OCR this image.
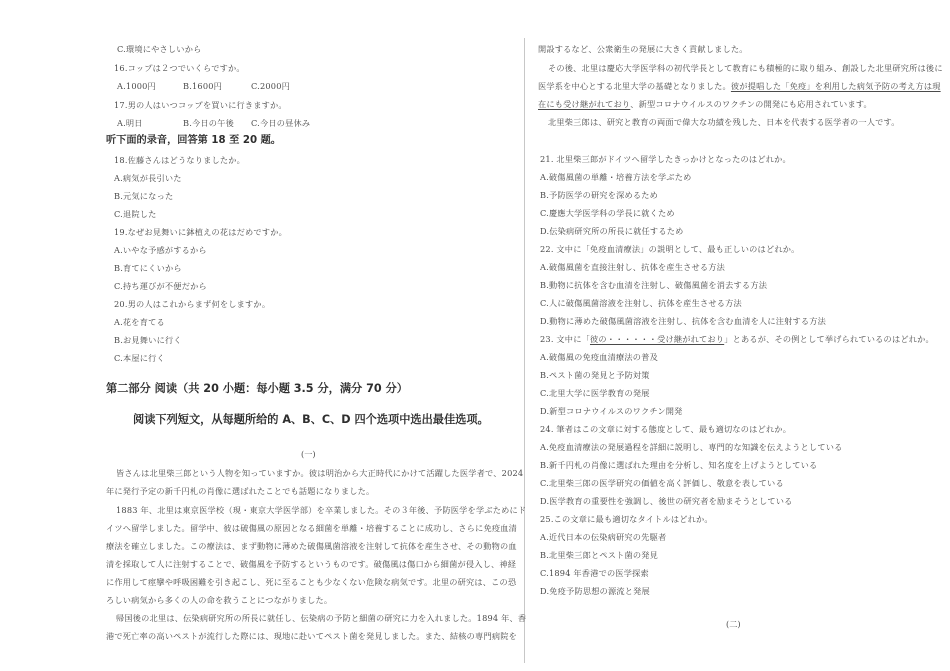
C.環境にやさしいから
16.コップは２つでいくらですか。
A.1000円	B.1600円	C.2000円
17.男の人はいつコップを買いに行きますか。
A.明日	B.今日の午後 C.今日の昼休み
听下面的录音，回答第 18 至 20 题。
18.佐藤さんはどうなりましたか。
A.病気が長引いた
B.元気になった
C.退院した
19.なぜお見舞いに鉢植えの花はだめですか。
A.いやな予感がするから
B.育てにくいから
C.持ち運びが不便だから
20.男の人はこれからまず何をしますか。
A.花を育てる
B.お見舞いに行く
C.本屋に行く
第二部分 阅读（共 20 小题：每小题 3.5 分，满分 70 分）
阅读下列短文，从每题所给的 A、B、C、D 四个选项中选出最佳选项。
(一)
皆さんは北里柴三郎という人物を知っていますか。彼は明治から大正時代にかけて活躍した医学者で、2024
年に発行予定の新千円札の肖像に選ばれたことでも話題になりました。
1883 年、北里は東京医学校（現・東京大学医学部）を卒業しました。その３年後、予防医学を学ぶためにド
イツへ留学しました。留学中、彼は破傷風の原因となる細菌を単離・培養することに成功し、さらに免疫血清
療法を確立しました。この療法は、まず動物に薄めた破傷風菌溶液を注射して抗体を産生させ、その動物の血
清を採取して人に注射することで、破傷風を予防するというものです。破傷風は傷口から細菌が侵入し、神経
に作用して痙攣や呼吸困難を引き起こし、死に至ることも少なくない危険な病気です。北里の研究は、この恐
ろしい病気から多くの人の命を救うことにつながりました。
帰国後の北里は、伝染病研究所の所長に就任し、伝染病の予防と細菌の研究に力を入れました。1894 年、香
港で死亡率の高いペストが流行した際には、現地に赴いてペスト菌を発見しました。また、結核の専門病院を
開設するなど、公衆衛生の発展に大きく貢献しました。
その後、北里は慶応大学医学科の初代学長として教育にも積極的に取り組み、創設した北里研究所は後に
医学系を中心とする北里大学の基礎となりました。彼が提唱した「免疫」を利用した病気予防の考え方は現
在にも受け継がれており、新型コロナウイルスのワクチンの開発にも応用されています。
北里柴三郎は、研究と教育の両面で偉大な功績を残した、日本を代表する医学者の一人です。
21. 北里柴三郎がドイツへ留学したきっかけとなったのはどれか。
A.破傷風菌の単離・培養方法を学ぶため
B.予防医学の研究を深めるため
C.慶應大学医学科の学長に就くため
D.伝染病研究所の所長に就任するため
22. 文中に「免疫血清療法」の説明として、最も正しいのはどれか。
A.破傷風菌を直接注射し、抗体を産生させる方法
B.動物に抗体を含む血清を注射し、破傷風菌を消去する方法
C.人に破傷風菌溶液を注射し、抗体を産生させる方法
D.動物に薄めた破傷風菌溶液を注射し、抗体を含む血清を人に注射する方法
23. 文中に「彼の・・・・・・受け継がれており」とあるが、その例として挙げられているのはどれか。
A.破傷風の免疫血清療法の普及
B.ペスト菌の発見と予防対策
C.北里大学に医学教育の発展
D.新型コロナウイルスのワクチン開発
24. 筆者はこの文章に対する態度として、最も適切なのはどれか。
A.免疫血清療法の発展過程を詳細に説明し、専門的な知識を伝えようとしている
B.新千円札の肖像に選ばれた理由を分析し、知名度を上げようとしている
C.北里柴三郎の医学研究の価値を高く評価し、敬意を表している
D.医学教育の重要性を強調し、後世の研究者を励まそうとしている
25.この文章に最も適切なタイトルはどれか。
A.近代日本の伝染病研究の先駆者
B.北里柴三郎とペスト菌の発見
C.1894 年香港での医学探索
D.免疫予防思想の源流と発展
(二)
